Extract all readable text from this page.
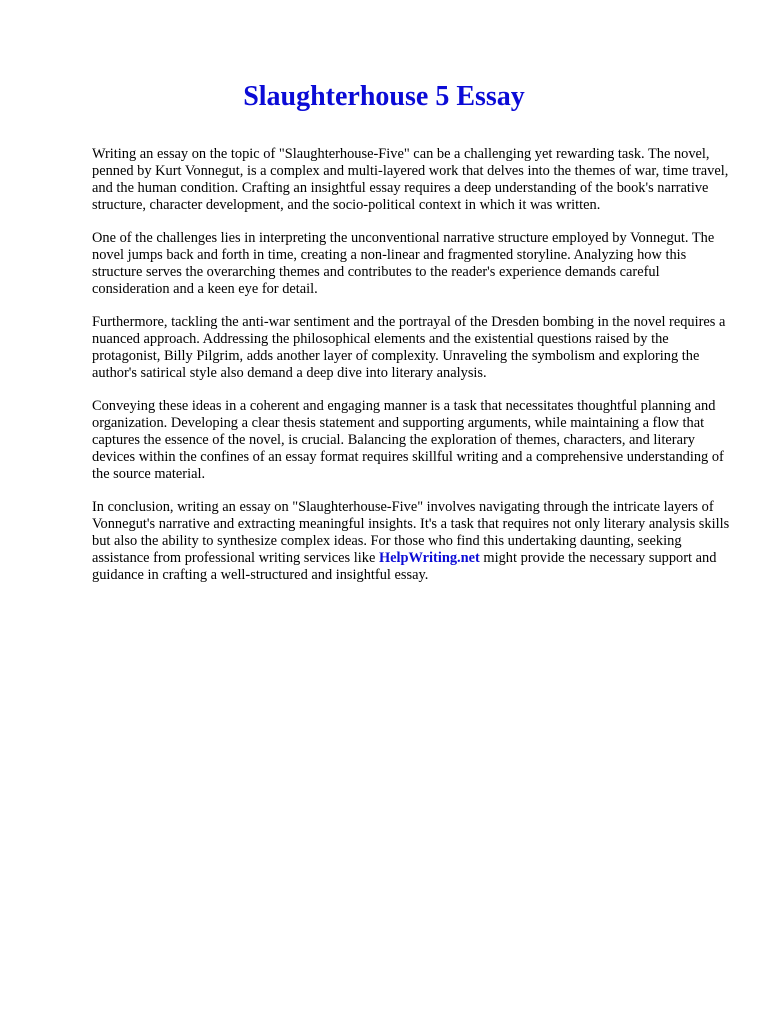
Slaughterhouse 5 Essay

Writing an essay on the topic of "Slaughterhouse-Five" can be a challenging yet rewarding task. The novel, penned by Kurt Vonnegut, is a complex and multi-layered work that delves into the themes of war, time travel, and the human condition. Crafting an insightful essay requires a deep understanding of the book's narrative structure, character development, and the socio-political context in which it was written.

One of the challenges lies in interpreting the unconventional narrative structure employed by Vonnegut. The novel jumps back and forth in time, creating a non-linear and fragmented storyline. Analyzing how this structure serves the overarching themes and contributes to the reader's experience demands careful consideration and a keen eye for detail.

Furthermore, tackling the anti-war sentiment and the portrayal of the Dresden bombing in the novel requires a nuanced approach. Addressing the philosophical elements and the existential questions raised by the protagonist, Billy Pilgrim, adds another layer of complexity. Unraveling the symbolism and exploring the author's satirical style also demand a deep dive into literary analysis.

Conveying these ideas in a coherent and engaging manner is a task that necessitates thoughtful planning and organization. Developing a clear thesis statement and supporting arguments, while maintaining a flow that captures the essence of the novel, is crucial. Balancing the exploration of themes, characters, and literary devices within the confines of an essay format requires skillful writing and a comprehensive understanding of the source material.

In conclusion, writing an essay on "Slaughterhouse-Five" involves navigating through the intricate layers of Vonnegut's narrative and extracting meaningful insights. It's a task that requires not only literary analysis skills but also the ability to synthesize complex ideas. For those who find this undertaking daunting, seeking assistance from professional writing services like HelpWriting.net might provide the necessary support and guidance in crafting a well-structured and insightful essay.
